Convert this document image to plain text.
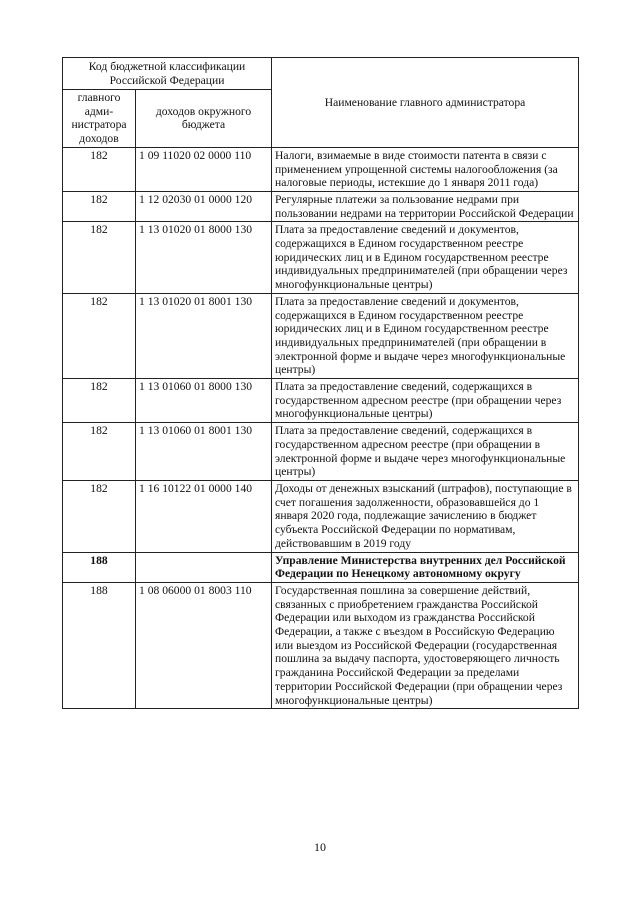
Код бюджетной классификации Российской Федерации		Наименование главного администратора
главного адми-нистратора доходов	доходов окружного бюджета	
182	1 09 11020 02 0000 110	Налоги, взимаемые в виде стоимости патента в связи с применением упрощенной системы налогообложения (за налоговые периоды, истекшие до 1 января 2011 года)
182	1 12 02030 01 0000 120	Регулярные платежи за пользование недрами при пользовании недрами на территории Российской Федерации
182	1 13 01020 01 8000 130	Плата за предоставление сведений и документов, содержащихся в Едином государственном реестре юридических лиц и в Едином государственном реестре индивидуальных предпринимателей (при обращении через многофункциональные центры)
182	1 13 01020 01 8001 130	Плата за предоставление сведений и документов, содержащихся в Едином государственном реестре юридических лиц и в Едином государственном реестре индивидуальных предпринимателей (при обращении в электронной форме и выдаче через многофункциональные центры)
182	1 13 01060 01 8000 130	Плата за предоставление сведений, содержащихся в государственном адресном реестре (при обращении через многофункциональные центры)
182	1 13 01060 01 8001 130	Плата за предоставление сведений, содержащихся в государственном адресном реестре (при обращении в электронной форме и выдаче через многофункциональные центры)
182	1 16 10122 01 0000 140	Доходы от денежных взысканий (штрафов), поступающие в счет погашения задолженности, образовавшейся до 1 января 2020 года, подлежащие зачислению в бюджет субъекта Российской Федерации по нормативам, действовавшим в 2019 году
188		Управление Министерства внутренних дел Российской Федерации по Ненецкому автономному округу
188	1 08 06000 01 8003 110	Государственная пошлина за совершение действий, связанных с приобретением гражданства Российской Федерации или выходом из гражданства Российской Федерации, а также с въездом в Российскую Федерацию или выездом из Российской Федерации (государственная пошлина за выдачу паспорта, удостоверяющего личность гражданина Российской Федерации за пределами территории Российской Федерации (при обращении через многофункциональные центры)
10
